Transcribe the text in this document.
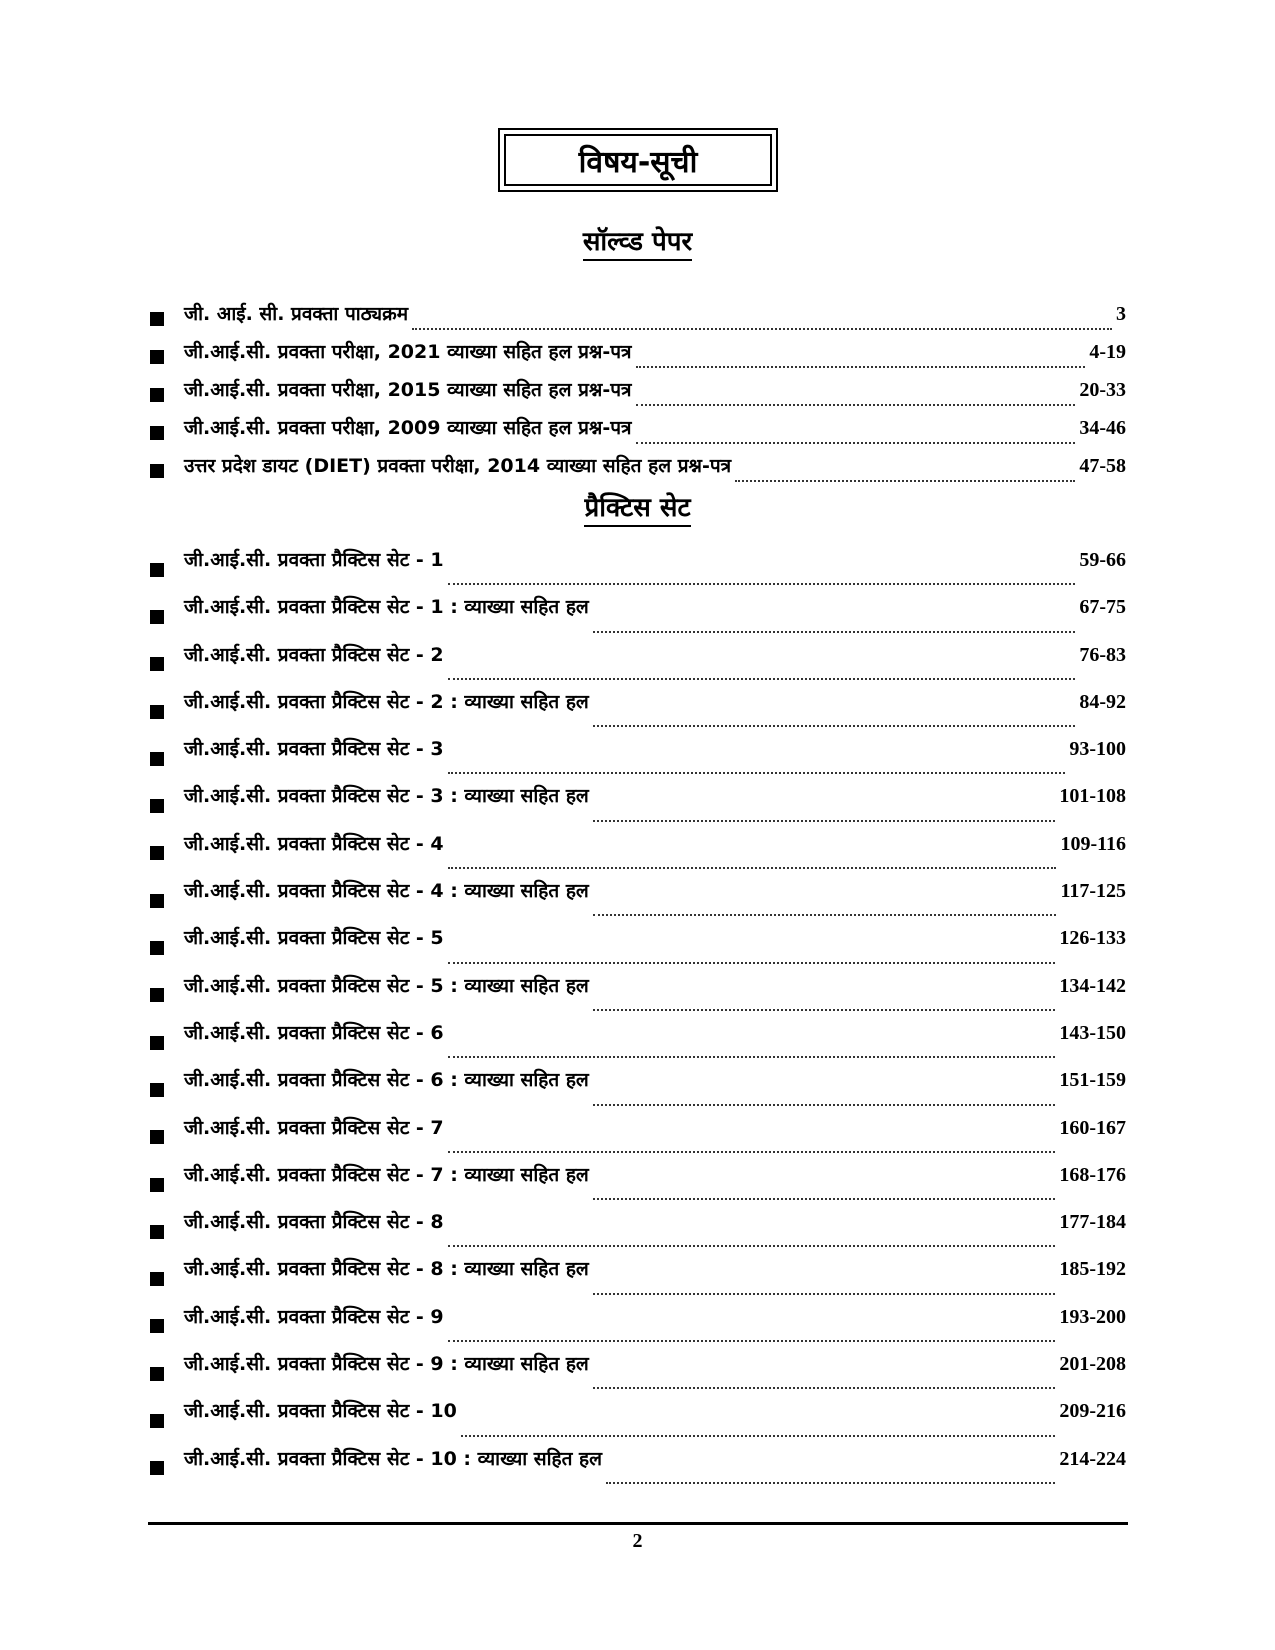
विषय-सूची
सॉल्व्ड पेपर
जी. आई. सी. प्रवक्ता पाठ्यक्रम	3
जी.आई.सी. प्रवक्ता परीक्षा, 2021 व्याख्या सहित हल प्रश्न-पत्र	4-19
जी.आई.सी. प्रवक्ता परीक्षा, 2015 व्याख्या सहित हल प्रश्न-पत्र	20-33
जी.आई.सी. प्रवक्ता परीक्षा, 2009 व्याख्या सहित हल प्रश्न-पत्र	34-46
उत्तर प्रदेश डायट (DIET) प्रवक्ता परीक्षा, 2014 व्याख्या सहित हल प्रश्न-पत्र	47-58
प्रैक्टिस सेट
जी.आई.सी. प्रवक्ता प्रैक्टिस सेट - 1	59-66
जी.आई.सी. प्रवक्ता प्रैक्टिस सेट - 1 : व्याख्या सहित हल	67-75
जी.आई.सी. प्रवक्ता प्रैक्टिस सेट - 2	76-83
जी.आई.सी. प्रवक्ता प्रैक्टिस सेट - 2 : व्याख्या सहित हल	84-92
जी.आई.सी. प्रवक्ता प्रैक्टिस सेट - 3	93-100
जी.आई.सी. प्रवक्ता प्रैक्टिस सेट - 3 : व्याख्या सहित हल	101-108
जी.आई.सी. प्रवक्ता प्रैक्टिस सेट - 4	109-116
जी.आई.सी. प्रवक्ता प्रैक्टिस सेट - 4 : व्याख्या सहित हल	117-125
जी.आई.सी. प्रवक्ता प्रैक्टिस सेट - 5	126-133
जी.आई.सी. प्रवक्ता प्रैक्टिस सेट - 5 : व्याख्या सहित हल	134-142
जी.आई.सी. प्रवक्ता प्रैक्टिस सेट - 6	143-150
जी.आई.सी. प्रवक्ता प्रैक्टिस सेट - 6 : व्याख्या सहित हल	151-159
जी.आई.सी. प्रवक्ता प्रैक्टिस सेट - 7	160-167
जी.आई.सी. प्रवक्ता प्रैक्टिस सेट - 7 : व्याख्या सहित हल	168-176
जी.आई.सी. प्रवक्ता प्रैक्टिस सेट - 8	177-184
जी.आई.सी. प्रवक्ता प्रैक्टिस सेट - 8 : व्याख्या सहित हल	185-192
जी.आई.सी. प्रवक्ता प्रैक्टिस सेट - 9	193-200
जी.आई.सी. प्रवक्ता प्रैक्टिस सेट - 9 : व्याख्या सहित हल	201-208
जी.आई.सी. प्रवक्ता प्रैक्टिस सेट - 10	209-216
जी.आई.सी. प्रवक्ता प्रैक्टिस सेट - 10 : व्याख्या सहित हल	214-224
2
